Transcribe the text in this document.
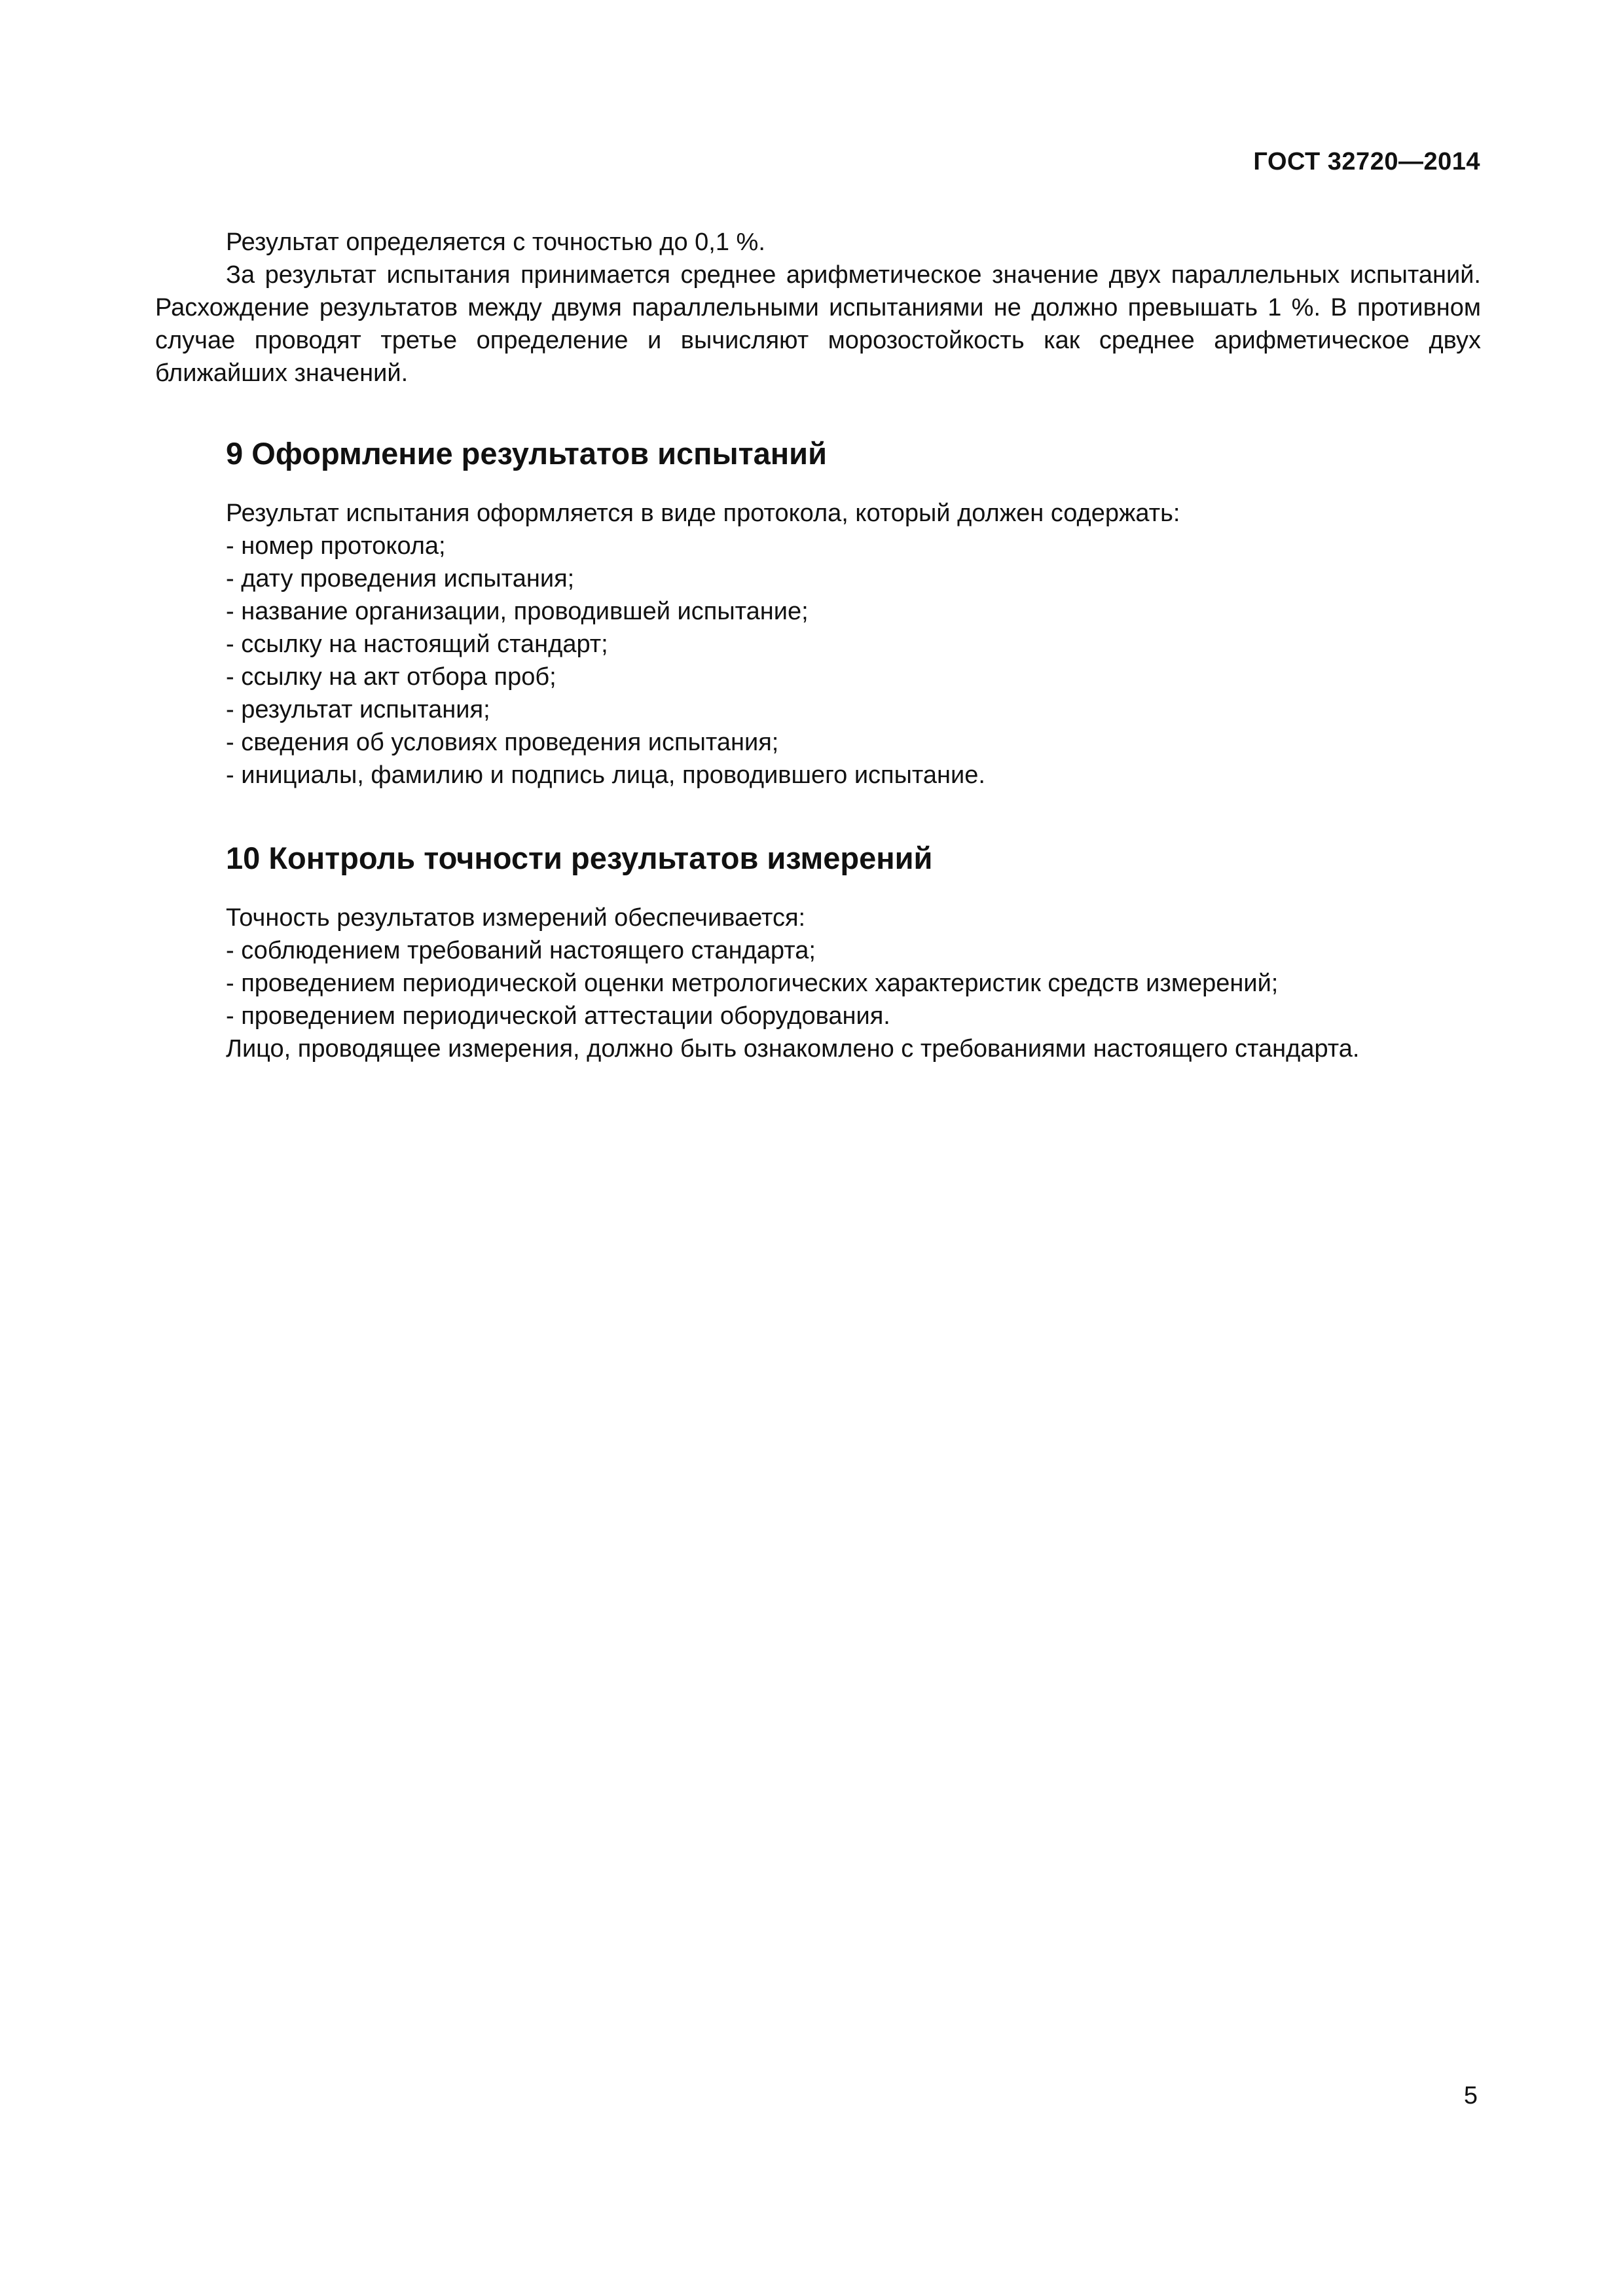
ГОСТ 32720—2014

Результат определяется с точностью до 0,1 %.

За результат испытания принимается среднее арифметическое значение двух параллельных испытаний. Расхождение результатов между двумя параллельными испытаниями не должно превышать 1 %. В противном случае проводят третье определение и вычисляют морозостойкость как среднее арифметическое двух ближайших значений.

9 Оформление результатов испытаний

Результат испытания оформляется в виде протокола, который должен содержать:

- номер протокола;

- дату проведения испытания;

- название организации, проводившей испытание;

- ссылку на настоящий стандарт;

- ссылку на акт отбора проб;

- результат испытания;

- сведения об условиях проведения испытания;

- инициалы, фамилию и подпись лица, проводившего испытание.

10 Контроль точности результатов измерений

Точность результатов измерений обеспечивается:

- соблюдением требований настоящего стандарта;

- проведением периодической оценки метрологических характеристик средств измерений;

- проведением периодической аттестации оборудования.

Лицо, проводящее измерения, должно быть ознакомлено с требованиями настоящего стандарта.

5
